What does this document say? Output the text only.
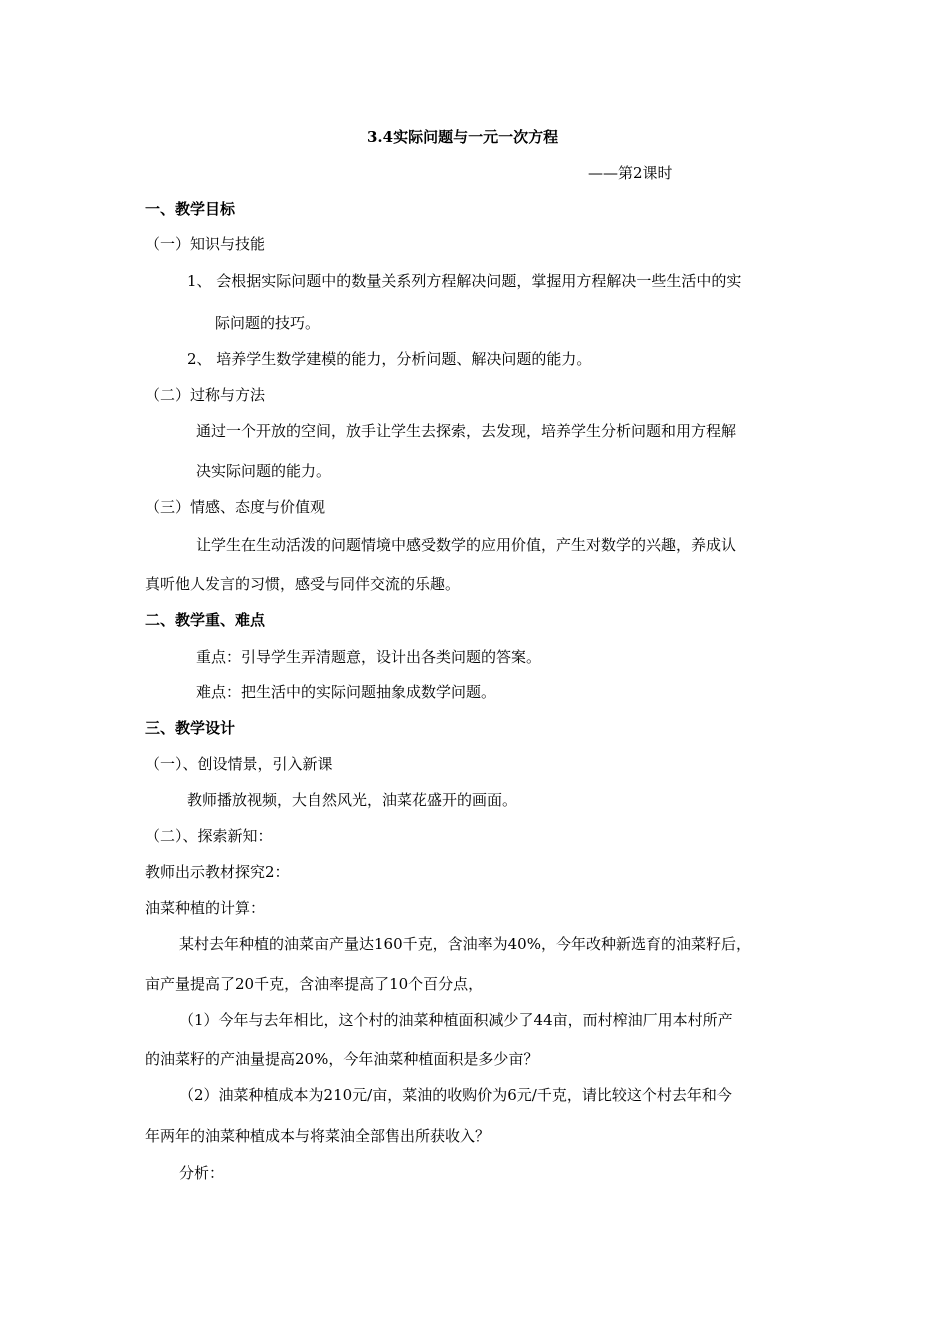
3.4实际问题与一元一次方程
——第2课时
一、教学目标
（一）知识与技能
1、 会根据实际问题中的数量关系列方程解决问题，掌握用方程解决一些生活中的实
际问题的技巧。
2、 培养学生数学建模的能力，分析问题、解决问题的能力。
（二）过称与方法
通过一个开放的空间，放手让学生去探索，去发现，培养学生分析问题和用方程解
决实际问题的能力。
（三）情感、态度与价值观
让学生在生动活泼的问题情境中感受数学的应用价值，产生对数学的兴趣，养成认
真听他人发言的习惯，感受与同伴交流的乐趣。
二、教学重、难点
重点：引导学生弄清题意，设计出各类问题的答案。
难点：把生活中的实际问题抽象成数学问题。
三、教学设计
（一）、创设情景，引入新课
教师播放视频，大自然风光，油菜花盛开的画面。
（二）、探索新知：
教师出示教材探究2：
油菜种植的计算：
某村去年种植的油菜亩产量达160千克，含油率为40%，今年改种新选育的油菜籽后，
亩产量提高了20千克，含油率提高了10个百分点，
（1）今年与去年相比，这个村的油菜种植面积减少了44亩，而村榨油厂用本村所产
的油菜籽的产油量提高20%，今年油菜种植面积是多少亩？
（2）油菜种植成本为210元/亩，菜油的收购价为6元/千克，请比较这个村去年和今
年两年的油菜种植成本与将菜油全部售出所获收入？
分析：
